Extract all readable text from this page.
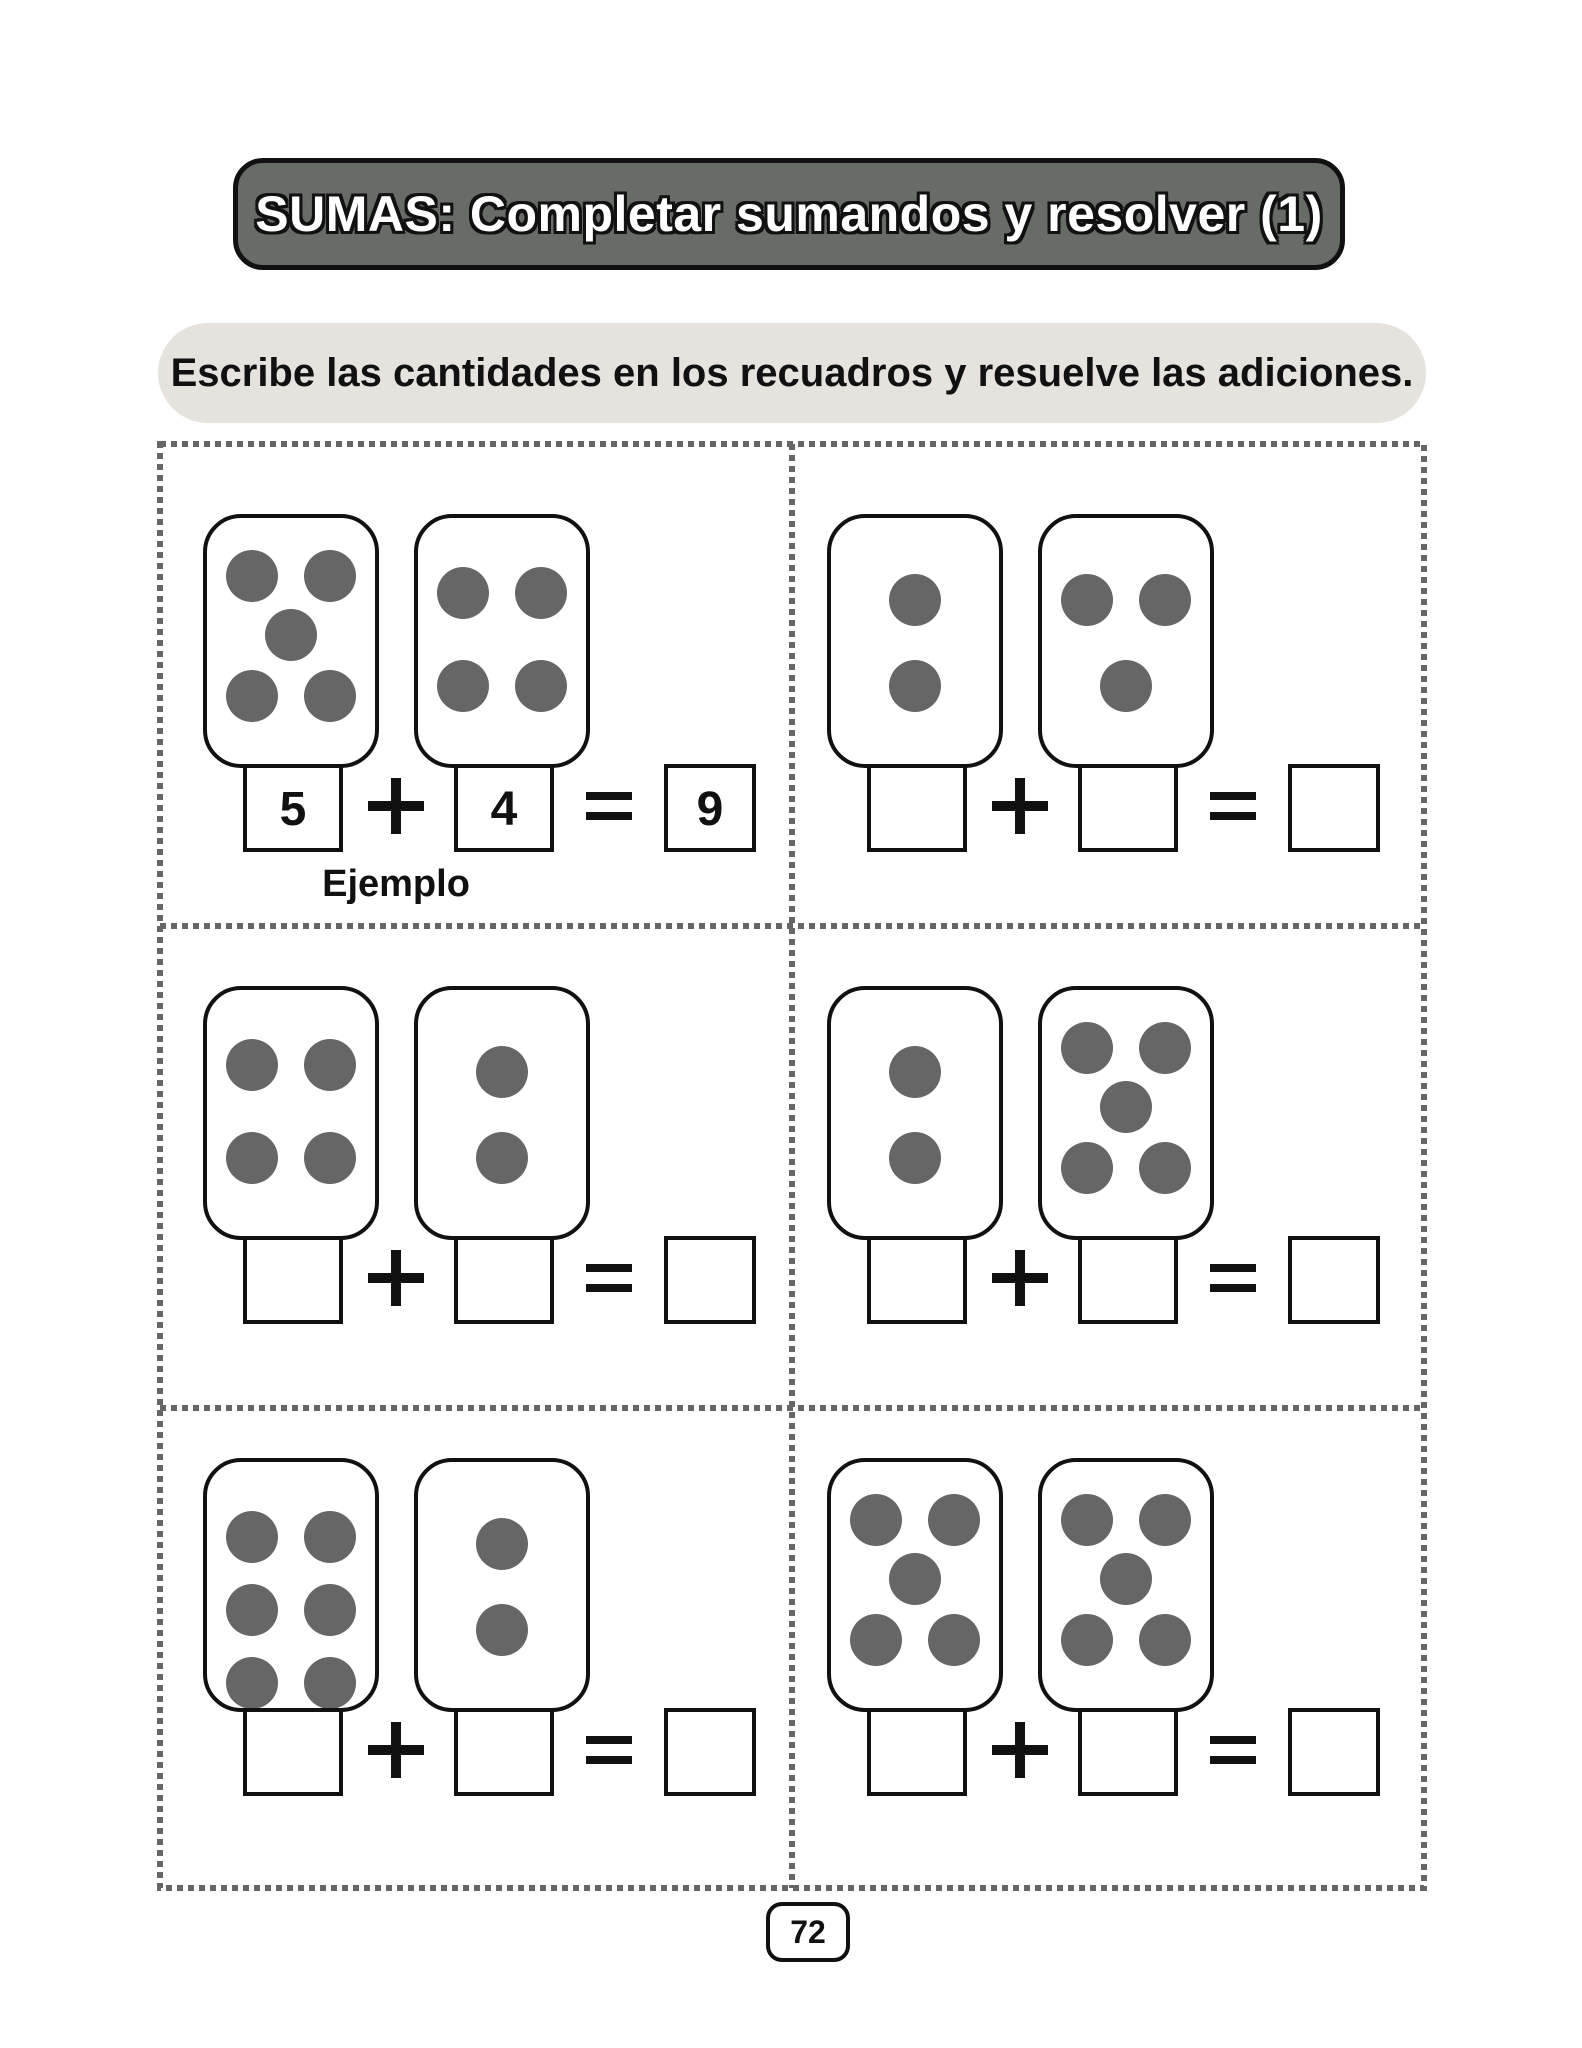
SUMAS: Completar sumandos y resolver (1)
Escribe las cantidades en los recuadros y resuelve las adiciones.
5	4	9
Ejemplo
72
